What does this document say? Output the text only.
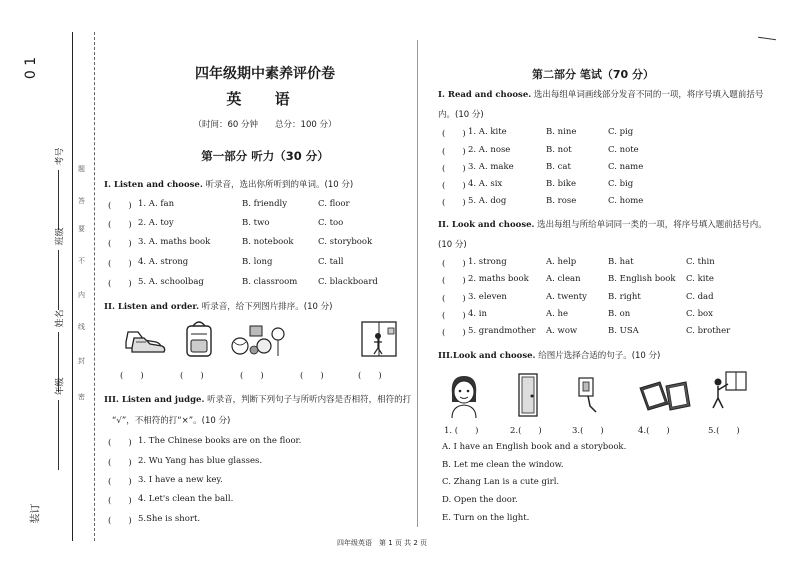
0 1
考号
班级
姓名
年级
题
答
要
不
内
线
封
密
装订
四年级期中素养评价卷
英 语
（时间：60 分钟　　总分：100 分）
第一部分 听力（30 分）
I. Listen and choose. 听录音，选出你所听到的单词。(10 分)
(　　) 1. A. fan	B. friendly	C. floor
(　　) 2. A. toy	B. two	C. too
(　　) 3. A. maths book	B. notebook	C. storybook
(　　) 4. A. strong	B. long	C. tall
(　　) 5. A. schoolbag	B. classroom C. blackboard
II. Listen and order. 听录音，给下列图片排序。(10 分)
(　　)	(　　)	(　　)	(　　)	(　　)
III. Listen and judge. 听录音，判断下列句子与所听内容是否相符，相符的打
“√”，不相符的打“×”。(10 分)
(　　) 1. The Chinese books are on the floor.
(　　) 2. Wu Yang has blue glasses.
(　　) 3. I have a new key.
(　　) 4. Let's clean the ball.
(　　) 5.She is short.
第二部分 笔试（70 分）
I. Read and choose. 选出每组单词画线部分发音不同的一项，将序号填入题前括号
内。(10 分)
(　　) 1. A. kite	B. nine	C. pig
(　　) 2. A. nose	B. not	C. note
(　　) 3. A. make	B. cat	C. name
(　　) 4. A. six	B. bike	C. big
(　　) 5. A. dog	B. rose	C. home
II. Look and choose. 选出每组与所给单词同一类的一项，将序号填入题前括号内。
(10 分)
(　　) 1. strong	A. help	B. hat	C. thin
(　　) 2. maths book A. clean	B. English book C. kite
(　　) 3. eleven	A. twenty B. right	C. dad
(　　) 4. in	A. he	B. on	C. box
(　　) 5. grandmother A. wow	B. USA	C. brother
III.Look and choose. 给图片选择合适的句子。(10 分)
1. (　　)	2.(　　)	3.(　　)	4.(　　)	5.(　　)
A. I have an English book and a storybook.
B. Let me clean the window.
C. Zhang Lan is a cute girl.
D. Open the door.
E. Turn on the light.
四年级英语　第 1 页 共 2 页
